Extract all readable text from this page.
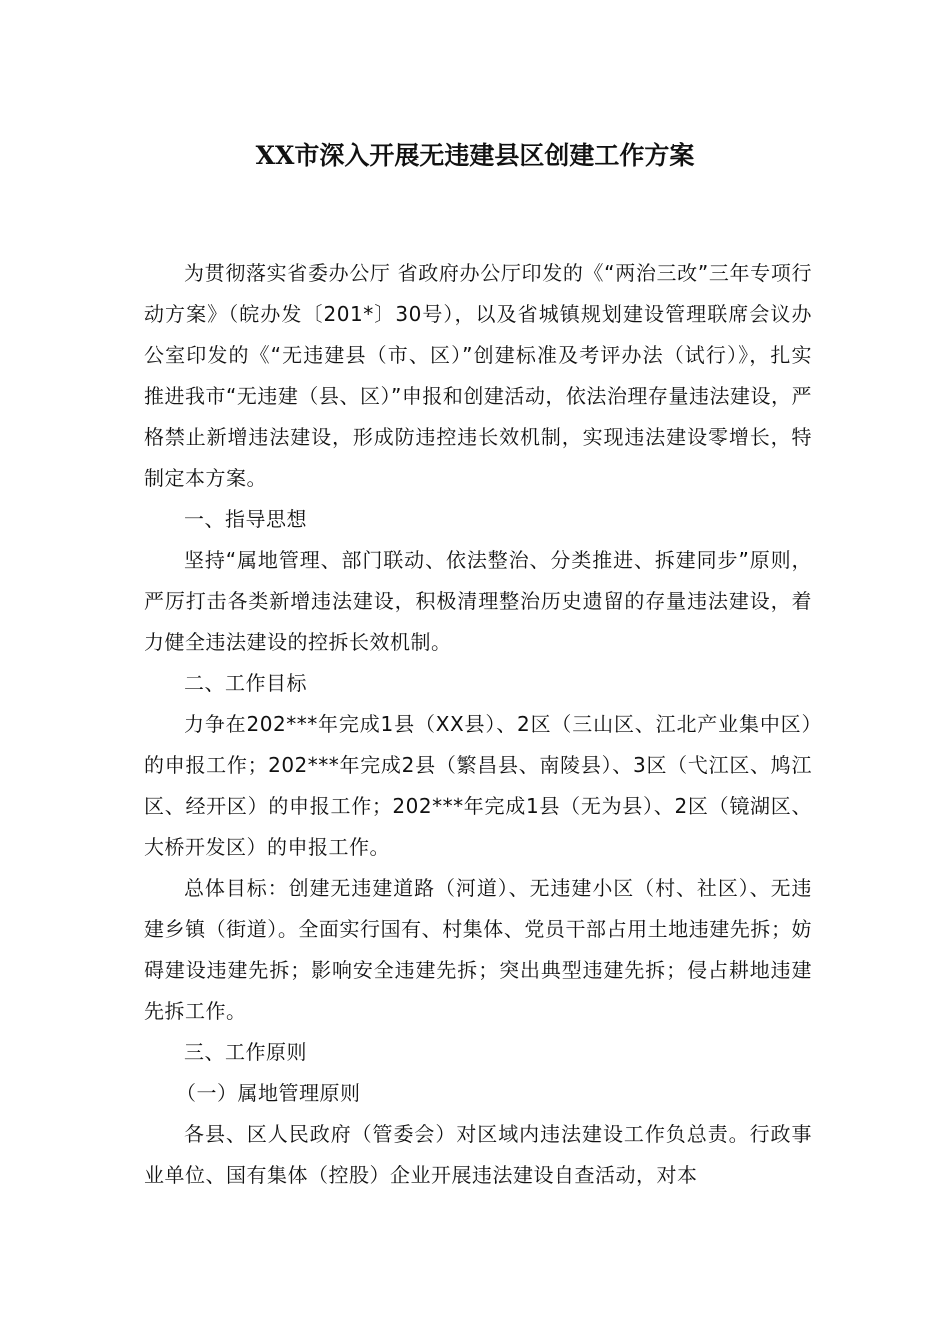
XX市深入开展无违建县区创建工作方案

为贯彻落实省委办公厅 省政府办公厅印发的《“两治三改”三年专项行动方案》（皖办发〔201*〕30号），以及省城镇规划建设管理联席会议办公室印发的《“无违建县（市、区）”创建标准及考评办法（试行）》，扎实推进我市“无违建（县、区）”申报和创建活动，依法治理存量违法建设，严格禁止新增违法建设，形成防违控违长效机制，实现违法建设零增长，特制定本方案。

一、指导思想

坚持“属地管理、部门联动、依法整治、分类推进、拆建同步”原则，严厉打击各类新增违法建设，积极清理整治历史遗留的存量违法建设，着力健全违法建设的控拆长效机制。

二、工作目标

力争在202***年完成1县（XX县）、2区（三山区、江北产业集中区）的申报工作；202***年完成2县（繁昌县、南陵县）、3区（弋江区、鸠江区、经开区）的申报工作；202***年完成1县（无为县）、2区（镜湖区、大桥开发区）的申报工作。

总体目标：创建无违建道路（河道）、无违建小区（村、社区）、无违建乡镇（街道）。全面实行国有、村集体、党员干部占用土地违建先拆；妨碍建设违建先拆；影响安全违建先拆；突出典型违建先拆；侵占耕地违建先拆工作。

三、工作原则

（一）属地管理原则

各县、区人民政府（管委会）对区域内违法建设工作负总责。行政事业单位、国有集体（控股）企业开展违法建设自查活动，对本
